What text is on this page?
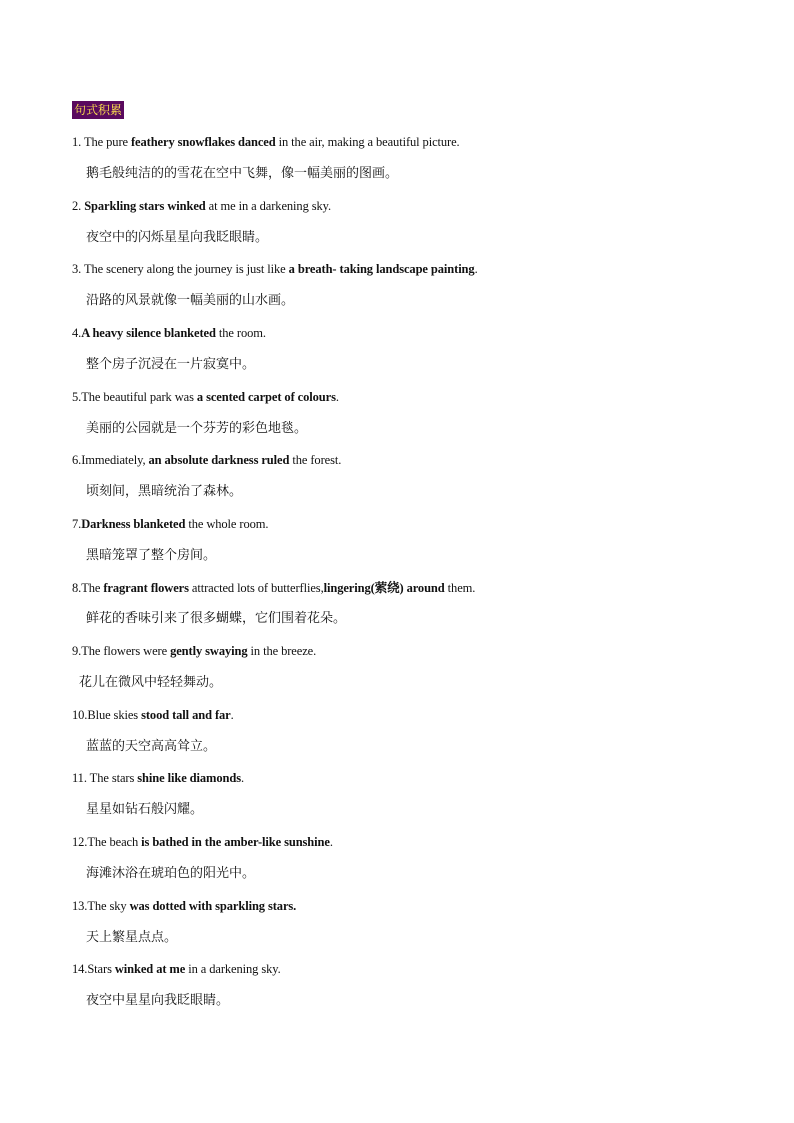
句式积累
1. The pure feathery snowflakes danced in the air, making a beautiful picture.
鹅毛般纯洁的的雪花在空中飞舞，像一幅美丽的图画。
2. Sparkling stars winked at me in a darkening sky.
夜空中的闪烁星星向我眨眼睛。
3. The scenery along the journey is just like a breath- taking landscape painting.
沿路的风景就像一幅美丽的山水画。
4.A heavy silence blanketed the room.
整个房子沉浸在一片寂寞中。
5.The beautiful park was a scented carpet of colours.
美丽的公园就是一个芬芳的彩色地毯。
6.Immediately, an absolute darkness ruled the forest.
顷刻间，黑暗统治了森林。
7.Darkness blanketed the whole room.
黑暗笼罩了整个房间。
8.The fragrant flowers attracted lots of butterflies,lingering(萦绕) around them.
鲜花的香味引来了很多蝴蝶，它们围着花朵。
9.The flowers were gently swaying in the breeze.
花儿在微风中轻轻舞动。
10.Blue skies stood tall and far.
蓝蓝的天空高高耸立。
11. The stars shine like diamonds.
星星如钻石般闪耀。
12.The beach is bathed in the amber-like sunshine.
海滩沐浴在琥珀色的阳光中。
13.The sky was dotted with sparkling stars.
天上繁星点点。
14.Stars winked at me in a darkening sky.
夜空中星星向我眨眼睛。
